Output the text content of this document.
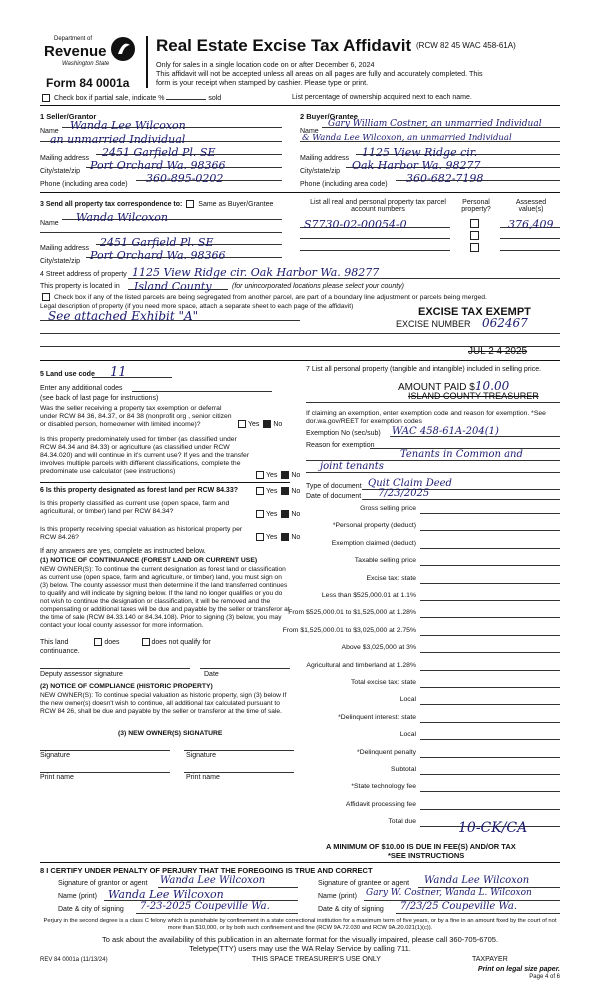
Department of
Revenue
Washington State
Form 84 0001a
Real Estate Excise Tax Affidavit (RCW 82 45 WAC 458-61A)
Only for sales in a single location code on or after December 6, 2024
This affidavit will not be accepted unless all areas on all pages are fully and accurately completed. This
form is your receipt when stamped by cashier. Please type or print.
Check box if partial sale, indicate %	sold	List percentage of ownership acquired next to each name.
1 Seller/Grantor
Name Wanda Lee Wilcoxon
an unmarried Individual
Mailing address 2451 Garfield Pl. SE
City/state/zip Port Orchard Wa. 98366
Phone (including area code) 360-895-0202
2 Buyer/Grantee
Name
Gary William Costner, an unmarried Individual
& Wanda Lee Wilcoxon, an unmarried Individual
Mailing address 1125 View Ridge cir.
City/state/zip Oak Harbor Wa. 98277
Phone (including area code) 360-682-7198
3 Send all property tax correspondence to: Same as Buyer/Grantee
Name Wanda Wilcoxon
Mailing address 2451 Garfield Pl. SE
City/state/zip Port Orchard Wa. 98366
List all real and personal property tax parcel account numbers
Personal property?
Assessed value(s)
S7730-02-00054-0	376,409
4 Street address of property 1125 View Ridge cir. Oak Harbor Wa. 98277
This property is located in Island County	(for unincorporated locations please select your county)
Check box if any of the listed parcels are being segregated from another parcel, are part of a boundary line adjustment or parcels being merged.
Legal description of property (if you need more space, attach a separate sheet to each page of the affidavit)
See attached Exhibit "A"	EXCISE TAX EXEMPT
EXCISE NUMBER 062467
JUL 2 4 2025
5 Land use code 11
Enter any additional codes
(see back of last page for instructions)
Was the seller receiving a property tax exemption or deferral under RCW 84 36, 84.37, or 84 38 (nonprofit org , senior citizen or disabled person, homeowner with limited income)?	Yes No
Is this property predominately used for timber (as classified under RCW 84.34 and 84.33) or agriculture (as classified under RCW 84.34.020) and will continue in it's current use? If yes and the transfer involves multiple parcels with different classifications, complete the predominate use calculator (see instructions)
Yes No
6 Is this property designated as forest land per RCW 84.33?	Yes No
Is this property classified as current use (open space, farm and agricultural, or timber) land per RCW 84.34?	Yes No
Is this property receiving special valuation as historical property per RCW 84.26?	Yes No
If any answers are yes, complete as instructed below.
(1) NOTICE OF CONTINUANCE (FOREST LAND OR CURRENT USE)
NEW OWNER(S): To continue the current designation as forest land or classification as current use (open space, farm and agriculture, or timber) land, you must sign on (3) below. The county assessor must then determine if the land transferred continues to qualify and will indicate by signing below. If the land no longer qualifies or you do not wish to continue the designation or classification, it will be removed and the compensating or additional taxes will be due and payable by the seller or transferor at the time of sale (RCW 84.33.140 or 84.34.108). Prior to signing (3) below, you may contact your local county assessor for more information.
This land	does	does not qualify for
continuance.
Deputy assessor signature	Date
(2) NOTICE OF COMPLIANCE (HISTORIC PROPERTY)
NEW OWNER(S): To continue special valuation as historic property, sign (3) below If the new owner(s) doesn't wish to continue, all additional tax calculated pursuant to RCW 84 26, shall be due and payable by the seller or transferor at the time of sale.
(3) NEW OWNER(S) SIGNATURE
Signature	Signature
Print name	Print name
7 List all personal property (tangible and intangible) included in selling price.
AMOUNT PAID $10.00
ISLAND COUNTY TREASURER
If claiming an exemption, enter exemption code and reason for exemption. *See dor.wa.gov/REET for exemption codes
Exemption No (sec/sub) WAC 458-61A-204(1)
Reason for exemption
Tenants in Common and
joint tenants
Type of document Quit Claim Deed
Date of document 7/23/2025
Gross selling price
*Personal property (deduct)
Exemption claimed (deduct)
Taxable selling price
Excise tax: state
Less than $525,000.01 at 1.1%
From $525,000.01 to $1,525,000 at 1.28%
From $1,525,000.01 to $3,025,000 at 2.75%
Above $3,025,000 at 3%
Agricultural and timberland at 1.28%
Total excise tax: state
Local
*Delinquent interest: state
Local
*Delinquent penalty
Subtotal
*State technology fee
Affidavit processing fee
Total due	10-CK/CA
A MINIMUM OF $10.00 IS DUE IN FEE(S) AND/OR TAX
*SEE INSTRUCTIONS
8 I CERTIFY UNDER PENALTY OF PERJURY THAT THE FOREGOING IS TRUE AND CORRECT
Signature of grantor or agent Wanda Lee Wilcoxon	Signature of grantee or agent Wanda Lee Wilcoxon
Name (print) Wanda Lee Wilcoxon	Name (print) Gary W. Costner, Wanda L. Wilcoxon
Date & city of signing 7-23-2025 Coupeville Wa.	Date & city of signing 7/23/25 Coupeville Wa.
Perjury in the second degree is a class C felony which is punishable by confinement in a state correctional institution for a maximum term of five years, or by a fine in an amount fixed by the court of not more than $10,000, or by both such confinement and fine (RCW 9A.72.030 and RCW 9A.20.021(1)(c)).
To ask about the availability of this publication in an alternate format for the visually impaired, please call 360-705-6705.
Teletype(TTY) users may use the WA Relay Service by calling 711.
REV 84 0001a (11/13/24)	THIS SPACE TREASURER'S USE ONLY	TAXPAYER
Print on legal size paper.
Page 4 of 6
